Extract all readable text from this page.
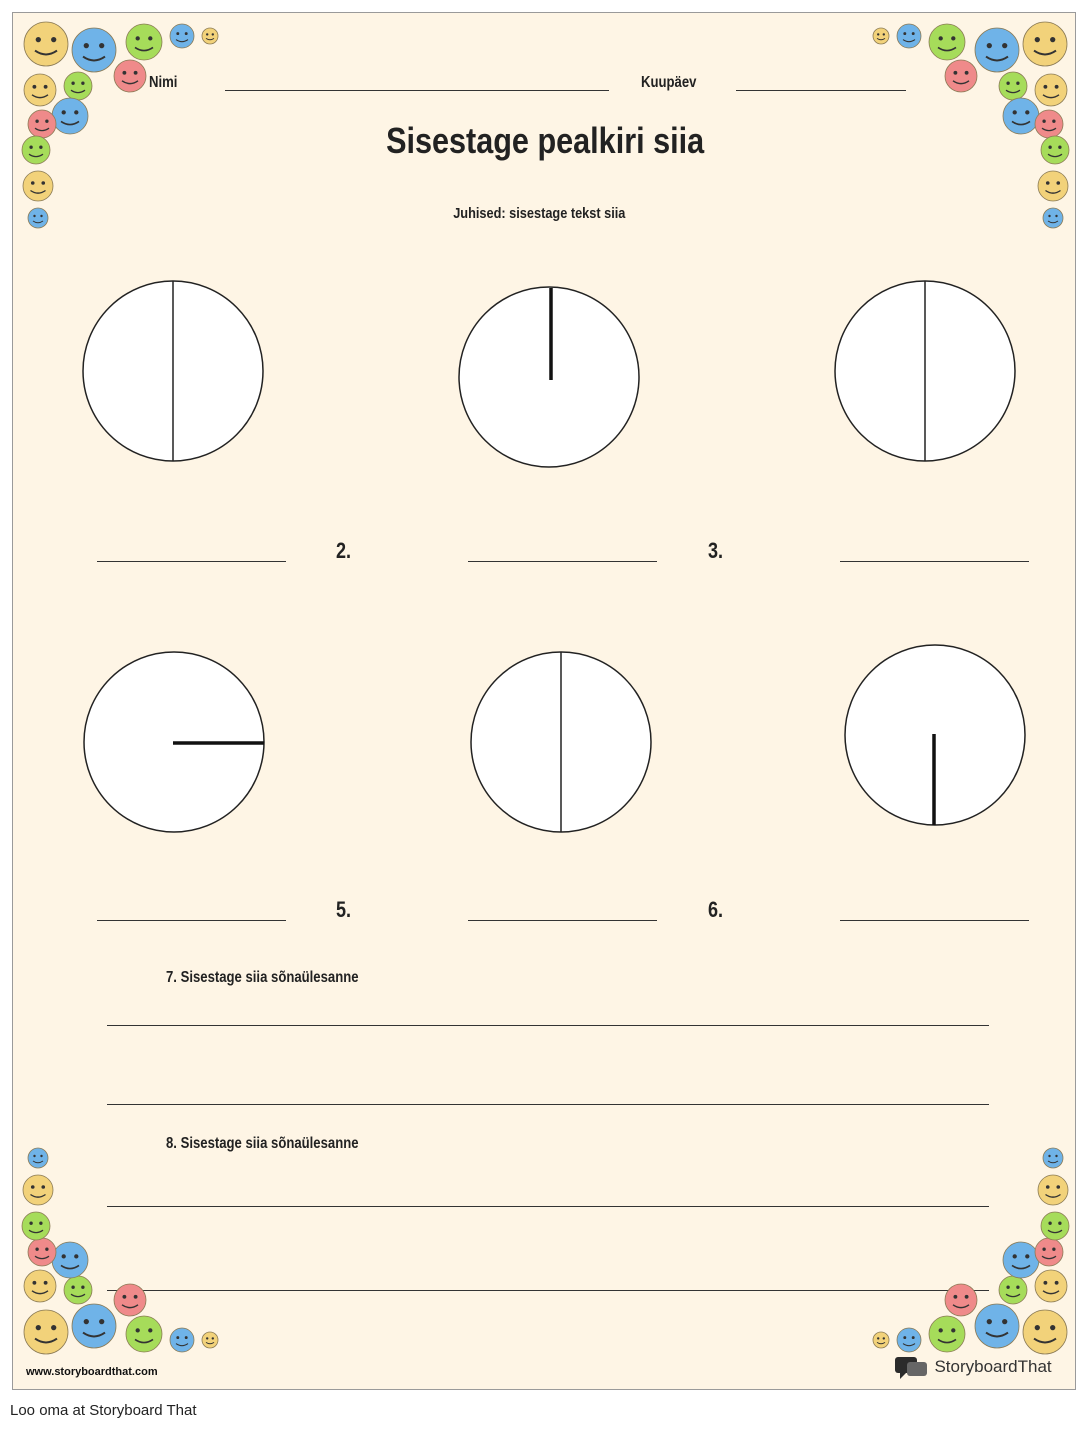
Nimi	Kuupäev
Sisestage pealkiri siia
Juhised: sisestage tekst siia
2.	3.
5.	6.
7. Sisestage siia sõnaülesanne
8. Sisestage siia sõnaülesanne
www.storyboardthat.com	StoryboardThat
Loo oma at Storyboard That
